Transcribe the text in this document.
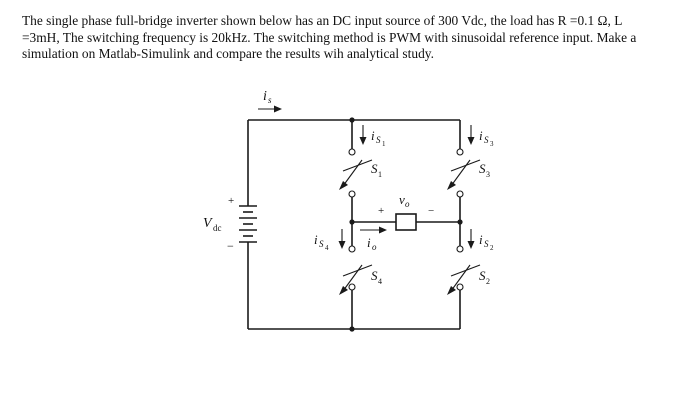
The single phase full-bridge inverter shown below has an DC input source of 300 Vdc, the load has R =0.1 Ω, L
=3mH, The switching frequency is 20kHz. The switching method is PWM with sinusoidal reference input. Make a
simulation on Matlab-Simulink and compare the results wih analytical study.
+
−
V dc
i s
S 1
i S 1
S 4
i S 4
S 3
i S 3
S 2
i S 2
v o
+	−
i o
